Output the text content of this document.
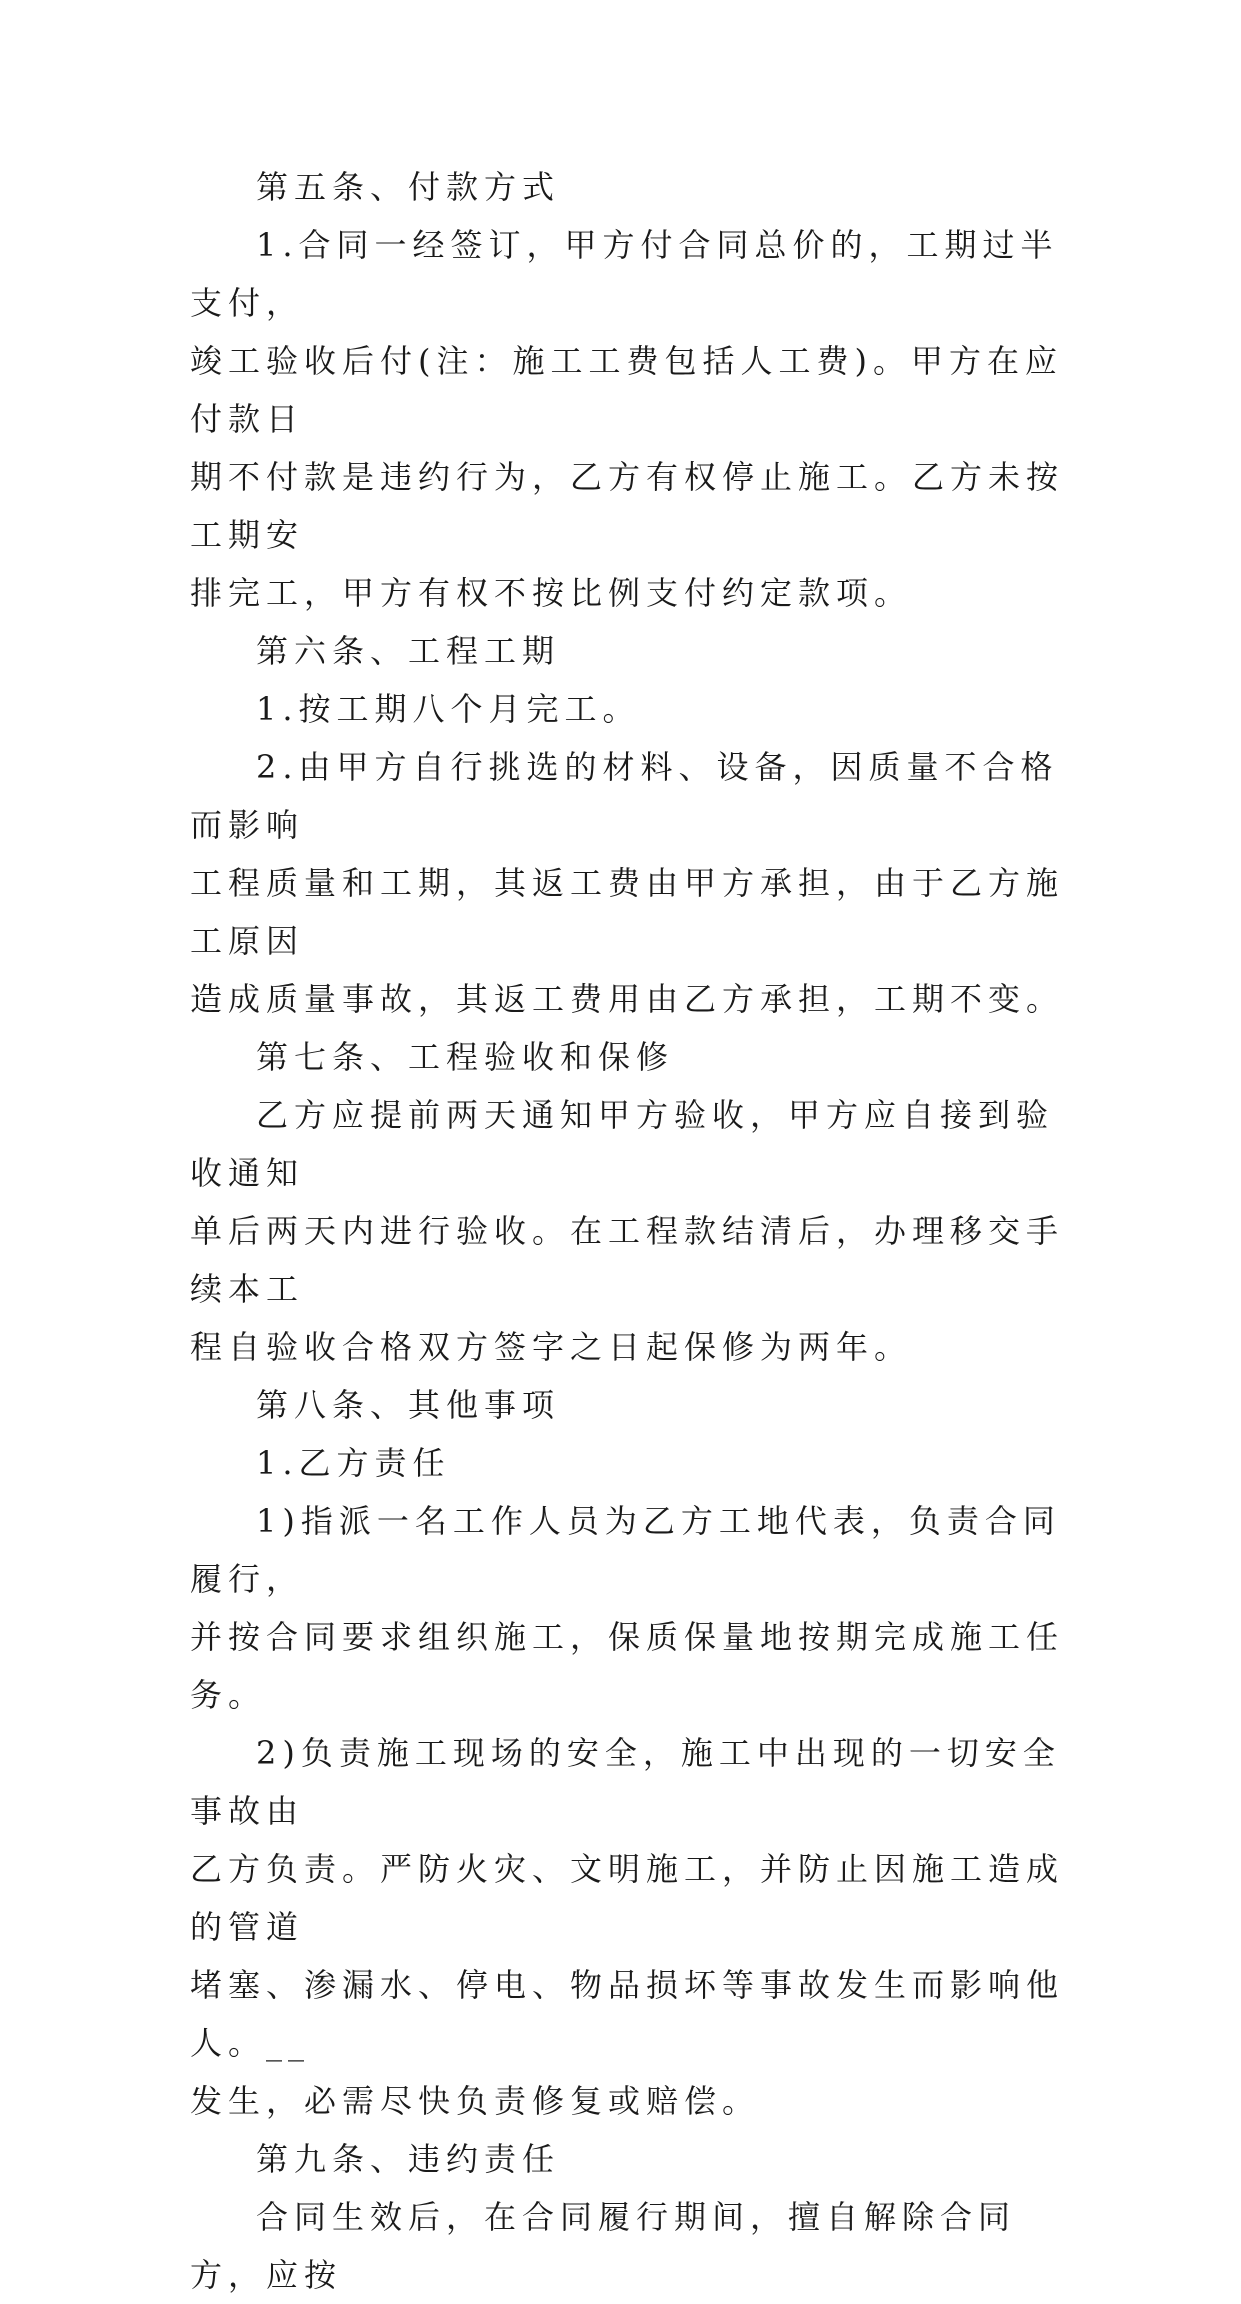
第五条、付款方式

1.合同一经签订，甲方付合同总价的，工期过半支付，
竣工验收后付(注：施工工费包括人工费)。甲方在应付款日
期不付款是违约行为，乙方有权停止施工。乙方未按工期安
排完工，甲方有权不按比例支付约定款项。

第六条、工程工期

1.按工期八个月完工。

2.由甲方自行挑选的材料、设备，因质量不合格而影响
工程质量和工期，其返工费由甲方承担，由于乙方施工原因
造成质量事故，其返工费用由乙方承担，工期不变。

第七条、工程验收和保修

乙方应提前两天通知甲方验收，甲方应自接到验收通知
单后两天内进行验收。在工程款结清后，办理移交手续本工
程自验收合格双方签字之日起保修为两年。

第八条、其他事项

1.乙方责任

1)指派一名工作人员为乙方工地代表，负责合同履行，
并按合同要求组织施工，保质保量地按期完成施工任务。

2)负责施工现场的安全，施工中出现的一切安全事故由
乙方负责。严防火灾、文明施工，并防止因施工造成的管道
堵塞、渗漏水、停电、物品损坏等事故发生而影响他人。__
发生，必需尽快负责修复或赔偿。

第九条、违约责任

合同生效后，在合同履行期间，擅自解除合同方，应按
